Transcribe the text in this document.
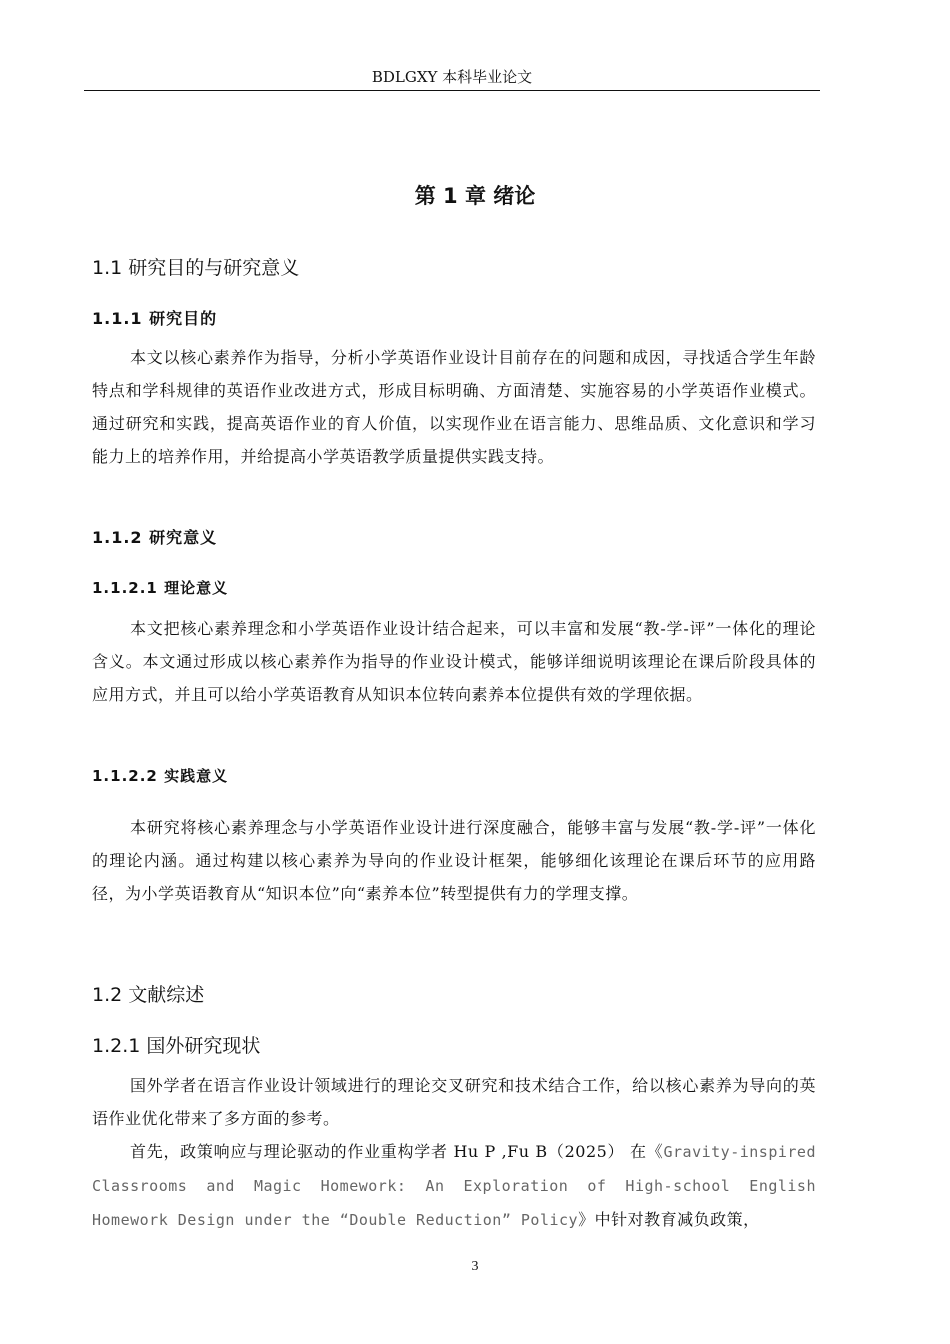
BDLGXY 本科毕业论文
第 1 章 绪论
1.1 研究目的与研究意义
1.1.1 研究目的

本文以核心素养作为指导，分析小学英语作业设计目前存在的问题和成因，寻找适合学生年龄特点和学科规律的英语作业改进方式，形成目标明确、方面清楚、实施容易的小学英语作业模式。通过研究和实践，提高英语作业的育人价值，以实现作业在语言能力、思维品质、文化意识和学习能力上的培养作用，并给提高小学英语教学质量提供实践支持。

1.1.2 研究意义
1.1.2.1 理论意义

本文把核心素养理念和小学英语作业设计结合起来，可以丰富和发展“教-学-评”一体化的理论含义。本文通过形成以核心素养作为指导的作业设计模式，能够详细说明该理论在课后阶段具体的应用方式，并且可以给小学英语教育从知识本位转向素养本位提供有效的学理依据。

1.1.2.2 实践意义

本研究将核心素养理念与小学英语作业设计进行深度融合，能够丰富与发展“教-学-评”一体化的理论内涵。通过构建以核心素养为导向的作业设计框架，能够细化该理论在课后环节的应用路径，为小学英语教育从“知识本位”向“素养本位”转型提供有力的学理支撑。

1.2 文献综述
1.2.1 国外研究现状

国外学者在语言作业设计领域进行的理论交叉研究和技术结合工作，给以核心素养为导向的英语作业优化带来了多方面的参考。

首先，政策响应与理论驱动的作业重构学者 Hu P ,Fu B（2025） 在《Gravity-inspired Classrooms and Magic Homework: An Exploration of High-school English Homework Design under the “Double Reduction” Policy》中针对教育减负政策，

3
